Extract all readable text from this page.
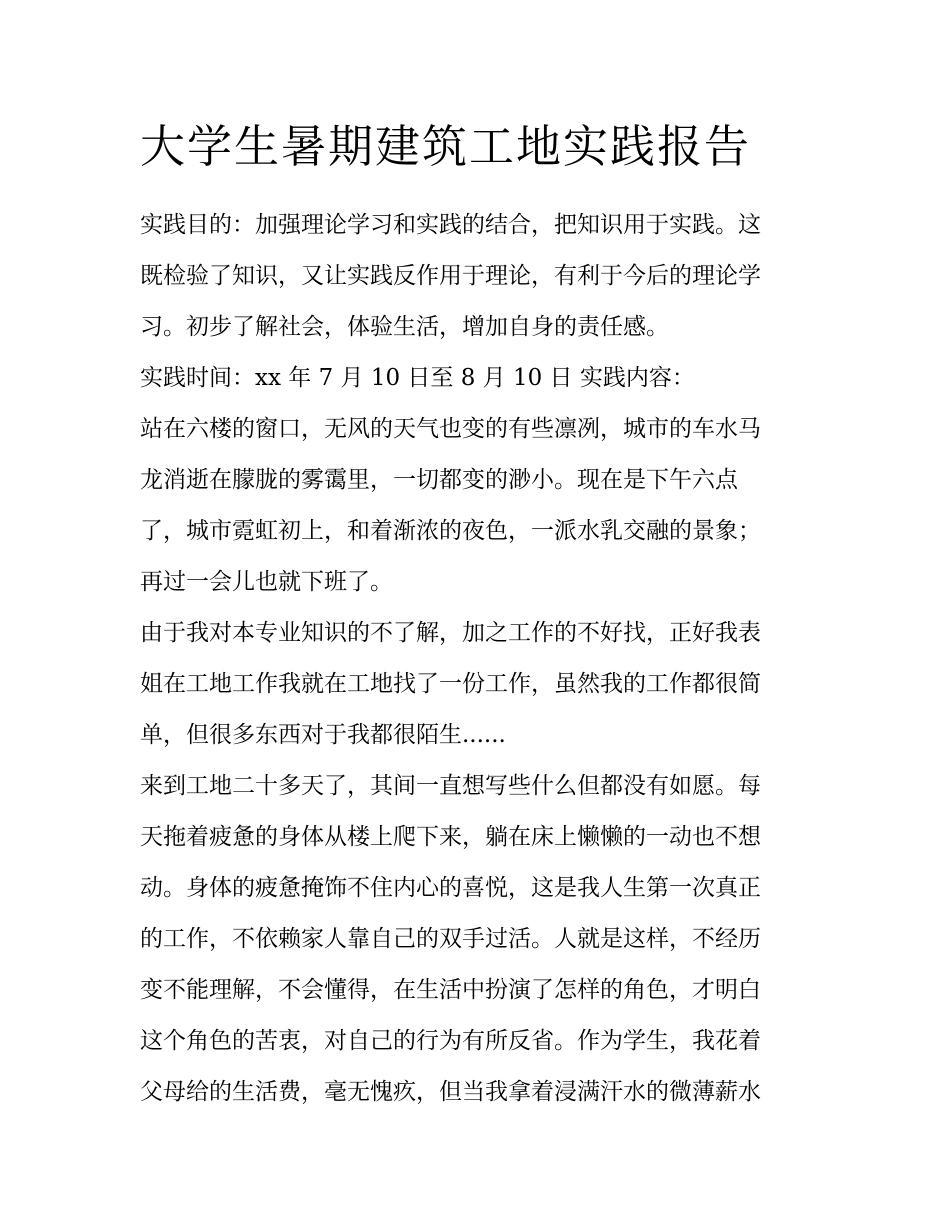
大学生暑期建筑工地实践报告
实践目的：加强理论学习和实践的结合，把知识用于实践。这
既检验了知识，又让实践反作用于理论，有利于今后的理论学
习。初步了解社会，体验生活，增加自身的责任感。
实践时间：xx 年 7 月 10 日至 8 月 10 日 实践内容：
站在六楼的窗口，无风的天气也变的有些凛冽，城市的车水马
龙消逝在朦胧的雾霭里，一切都变的渺小。现在是下午六点
了，城市霓虹初上，和着渐浓的夜色，一派水乳交融的景象；
再过一会儿也就下班了。
由于我对本专业知识的不了解，加之工作的不好找，正好我表
姐在工地工作我就在工地找了一份工作，虽然我的工作都很简
单，但很多东西对于我都很陌生......
来到工地二十多天了，其间一直想写些什么但都没有如愿。每
天拖着疲惫的身体从楼上爬下来，躺在床上懒懒的一动也不想
动。身体的疲惫掩饰不住内心的喜悦，这是我人生第一次真正
的工作，不依赖家人靠自己的双手过活。人就是这样，不经历
变不能理解，不会懂得，在生活中扮演了怎样的角色，才明白
这个角色的苦衷，对自己的行为有所反省。作为学生，我花着
父母给的生活费，毫无愧疚，但当我拿着浸满汗水的微薄薪水
